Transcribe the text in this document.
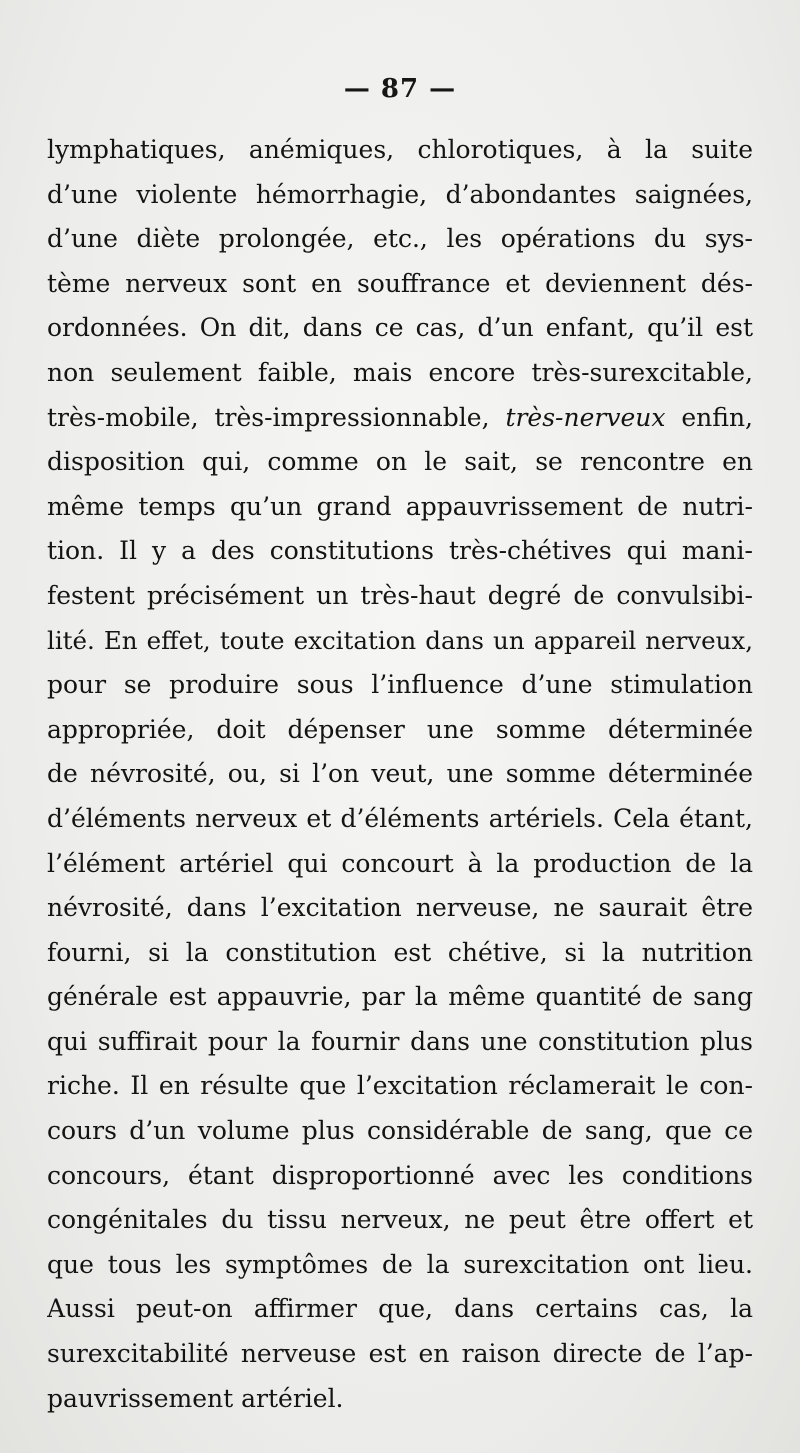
— 87 —
lymphatiques, anémiques, chlorotiques, à la suite
d’une violente hémorrhagie, d’abondantes saignées,
d’une diète prolongée, etc., les opérations du sys-
tème nerveux sont en souffrance et deviennent dés-
ordonnées. On dit, dans ce cas, d’un enfant, qu’il est
non seulement faible, mais encore très-surexcitable,
très-mobile, très-impressionnable, très-nerveux enfin,
disposition qui, comme on le sait, se rencontre en
même temps qu’un grand appauvrissement de nutri-
tion. Il y a des constitutions très-chétives qui mani-
festent précisément un très-haut degré de convulsibi-
lité. En effet, toute excitation dans un appareil nerveux,
pour se produire sous l’influence d’une stimulation
appropriée, doit dépenser une somme déterminée
de névrosité, ou, si l’on veut, une somme déterminée
d’éléments nerveux et d’éléments artériels. Cela étant,
l’élément artériel qui concourt à la production de la
névrosité, dans l’excitation nerveuse, ne saurait être
fourni, si la constitution est chétive, si la nutrition
générale est appauvrie, par la même quantité de sang
qui suffirait pour la fournir dans une constitution plus
riche. Il en résulte que l’excitation réclamerait le con-
cours d’un volume plus considérable de sang, que ce
concours, étant disproportionné avec les conditions
congénitales du tissu nerveux, ne peut être offert et
que tous les symptômes de la surexcitation ont lieu.
Aussi peut-on affirmer que, dans certains cas, la
surexcitabilité nerveuse est en raison directe de l’ap-
pauvrissement artériel.
